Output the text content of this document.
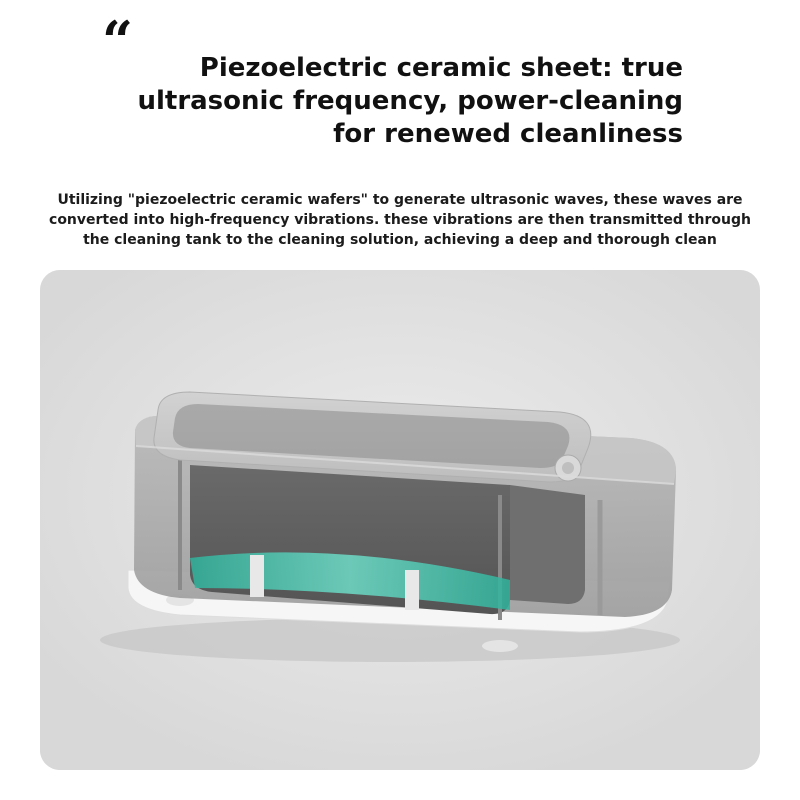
“	Piezoelectric ceramic sheet: true
ultrasonic frequency, power-cleaning
for renewed cleanliness

Utilizing "piezoelectric ceramic wafers" to generate ultrasonic waves, these waves are
converted into high-frequency vibrations. these vibrations are then transmitted through
the cleaning tank to the cleaning solution, achieving a deep and thorough clean
